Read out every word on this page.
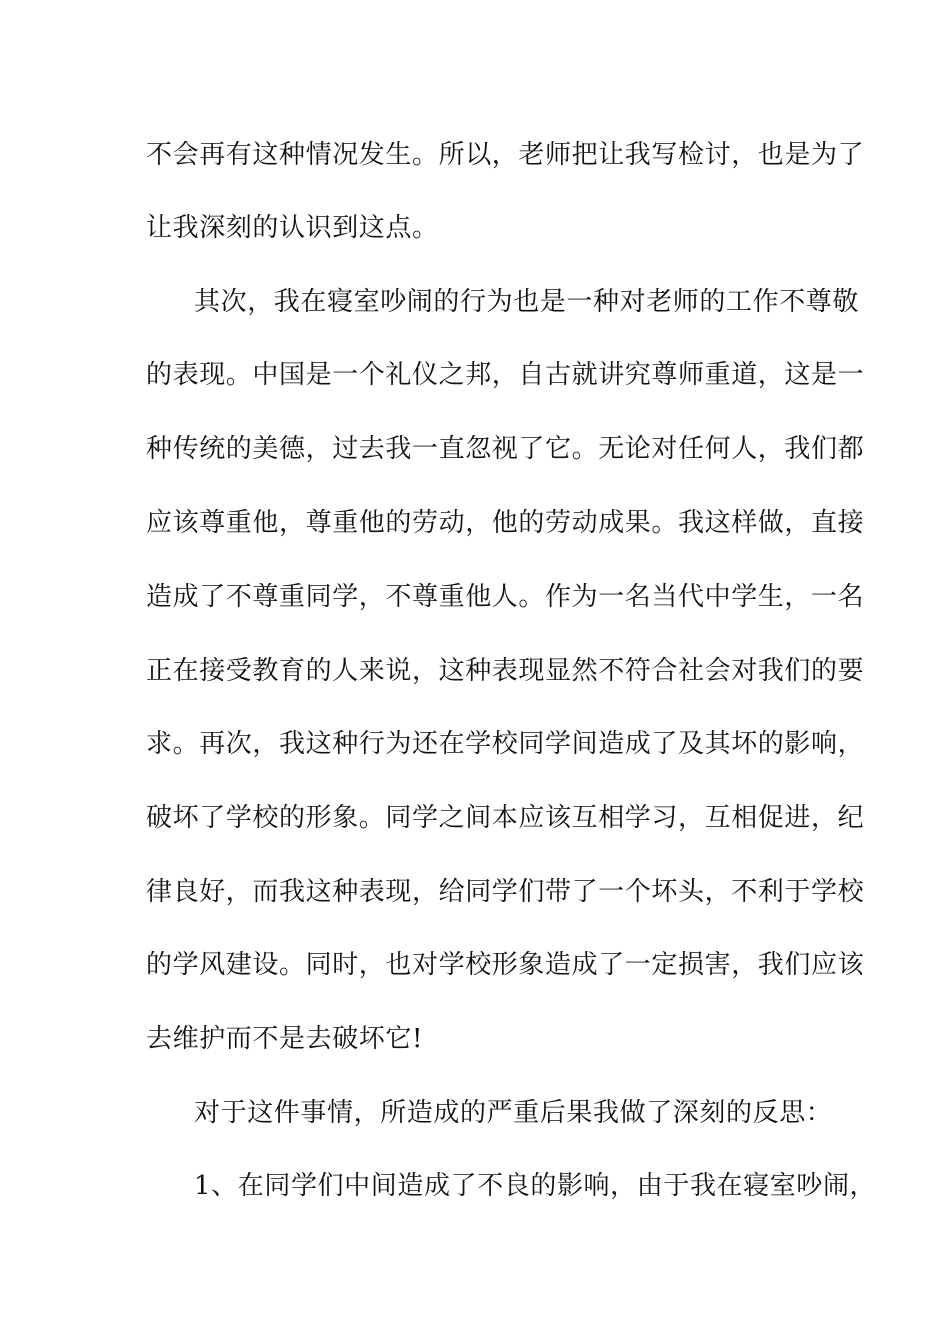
不会再有这种情况发生。所以，老师把让我写检讨，也是为了
让我深刻的认识到这点。
其次，我在寝室吵闹的行为也是一种对老师的工作不尊敬
的表现。中国是一个礼仪之邦，自古就讲究尊师重道，这是一
种传统的美德，过去我一直忽视了它。无论对任何人，我们都
应该尊重他，尊重他的劳动，他的劳动成果。我这样做，直接
造成了不尊重同学，不尊重他人。作为一名当代中学生，一名
正在接受教育的人来说，这种表现显然不符合社会对我们的要
求。再次，我这种行为还在学校同学间造成了及其坏的影响，
破坏了学校的形象。同学之间本应该互相学习，互相促进，纪
律良好，而我这种表现，给同学们带了一个坏头，不利于学校
的学风建设。同时，也对学校形象造成了一定损害，我们应该
去维护而不是去破坏它!
对于这件事情，所造成的严重后果我做了深刻的反思：
1、在同学们中间造成了不良的影响，由于我在寝室吵闹，
